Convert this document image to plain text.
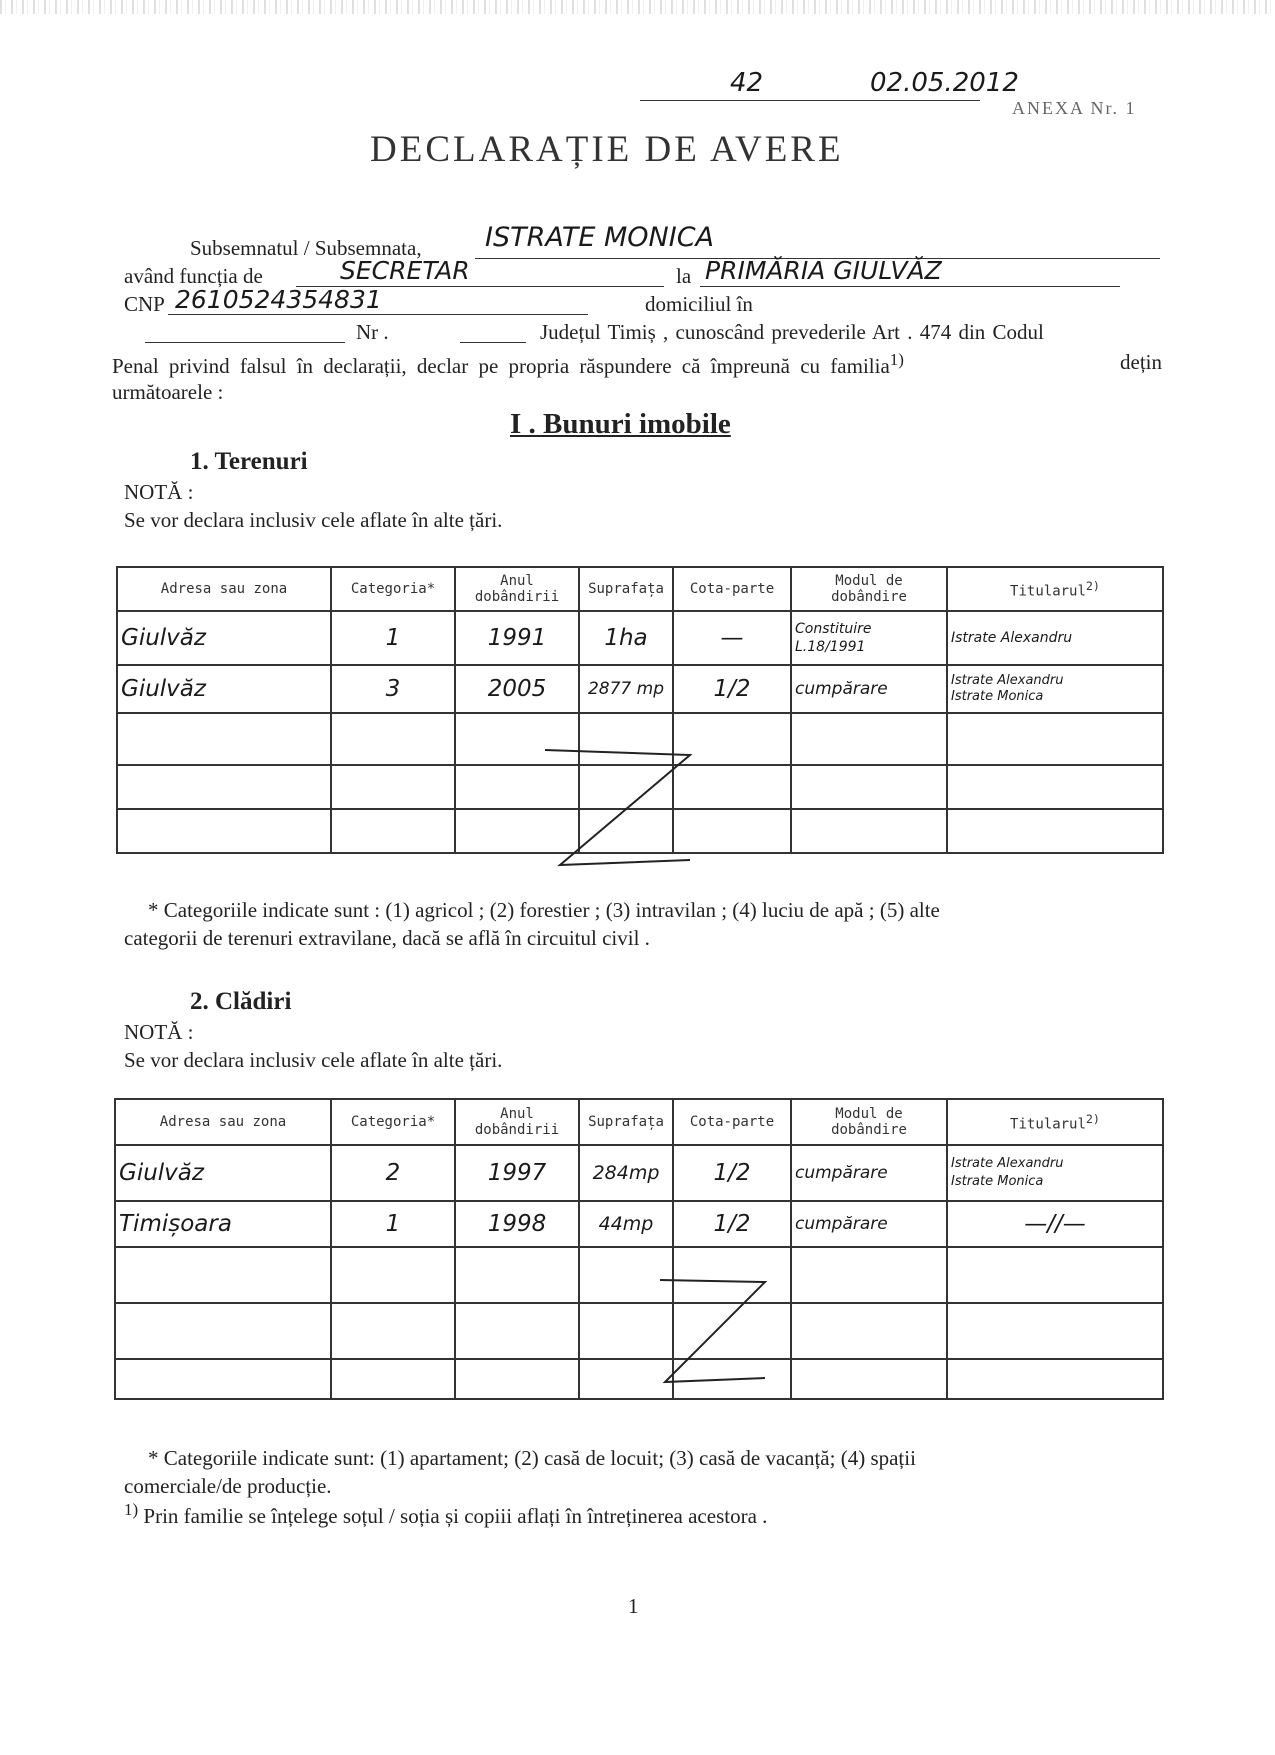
42	02.05.2012
ANEXA Nr. 1
DECLARAȚIE DE AVERE
Subsemnatul / Subsemnata, ISTRATE MONICA
având funcția de	SECRETAR	la PRIMĂRIA GIULVĂZ
CNP 2610524354831	domiciliul în
Nr .	Județul Timiș , cunoscând prevederile Art . 474 din Codul
Penal privind falsul în declarații, declar pe propria răspundere că împreună cu familia$^{1)}$	dețin
următoarele :
I . Bunuri imobile
1. Terenuri
NOTĂ :
Se vor declara inclusiv cele aflate în alte țări.
Adresa sau zona	Categoria*	Anul dobândirii	Suprafața	Cota-parte	Modul de dobândire	Titularul$^{2)}$
Giulvăz	1	1991	1ha	—	Constituire L.18/1991	Istrate Alexandru
Giulvăz	3	2005	2877 mp	1/2	cumpărare	Istrate Alexandru
Istrate Monica

* Categoriile indicate sunt : (1) agricol ; (2) forestier ; (3) intravilan ; (4) luciu de apă ; (5) alte
categorii de terenuri extravilane, dacă se află în circuitul civil .
2. Clădiri
NOTĂ :
Se vor declara inclusiv cele aflate în alte țări.
Adresa sau zona	Categoria*	Anul dobândirii	Suprafața	Cota-parte	Modul de dobândire	Titularul$^{2)}$
Giulvăz	2	1997	284mp	1/2	cumpărare	Istrate Alexandru
Istrate Monica
Timișoara	1	1998	44mp	1/2	cumpărare	—//—

* Categoriile indicate sunt: (1) apartament; (2) casă de locuit; (3) casă de vacanță; (4) spații
comerciale/de producție.
$^{1)}$ Prin familie se înțelege soțul / soția și copiii aflați în întreținerea acestora .
1
